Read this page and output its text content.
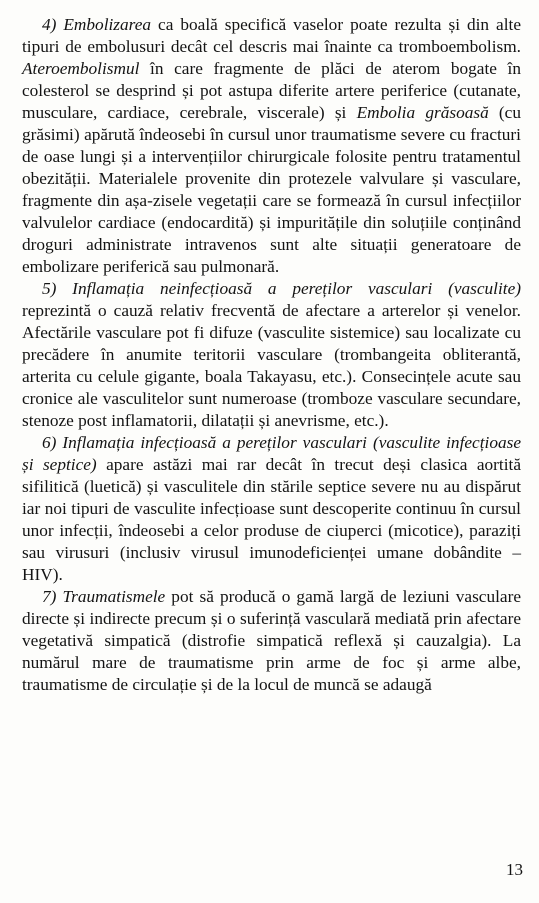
4) Embolizarea ca boală specifică vaselor poate rezulta și din alte tipuri de embolusuri decât cel descris mai înainte ca tromboembolism. Ateroembolismul în care fragmente de plăci de aterom bogate în colesterol se desprind și pot astupa diferite artere periferice (cutanate, musculare, cardiace, cerebrale, viscerale) și Embolia grăsoasă (cu grăsimi) apărută îndeosebi în cursul unor traumatisme severe cu fracturi de oase lungi și a intervențiilor chirurgicale folosite pentru tratamentul obezității. Materialele provenite din protezele valvulare și vasculare, fragmente din așa-zisele vegetații care se formează în cursul infecțiilor valvulelor cardiace (endocardită) și impuritățile din soluțiile conținând droguri administrate intravenos sunt alte situații generatoare de embolizare periferică sau pulmonară.

5) Inflamația neinfecțioasă a pereților vasculari (vasculite) reprezintă o cauză relativ frecventă de afectare a arterelor și venelor. Afectările vasculare pot fi difuze (vasculite sistemice) sau localizate cu precădere în anumite teritorii vasculare (trombangeita obliterantă, arterita cu celule gigante, boala Takayasu, etc.). Consecințele acute sau cronice ale vasculitelor sunt numeroase (tromboze vasculare secundare, stenoze post inflamatorii, dilatații și anevrisme, etc.).

6) Inflamația infecțioasă a pereților vasculari (vasculite infecțioase și septice) apare astăzi mai rar decât în trecut deși clasica aortită sifilitică (luetică) și vasculitele din stările septice severe nu au dispărut iar noi tipuri de vasculite infecțioase sunt descoperite continuu în cursul unor infecții, îndeosebi a celor produse de ciuperci (micotice), paraziți sau virusuri (inclusiv virusul imunodeficienței umane dobândite – HIV).

7) Traumatismele pot să producă o gamă largă de leziuni vasculare directe și indirecte precum și o suferință vasculară mediată prin afectare vegetativă simpatică (distrofie simpatică reflexă și cauzalgia). La numărul mare de traumatisme prin arme de foc și arme albe, traumatisme de circulație și de la locul de muncă se adaugă

13
